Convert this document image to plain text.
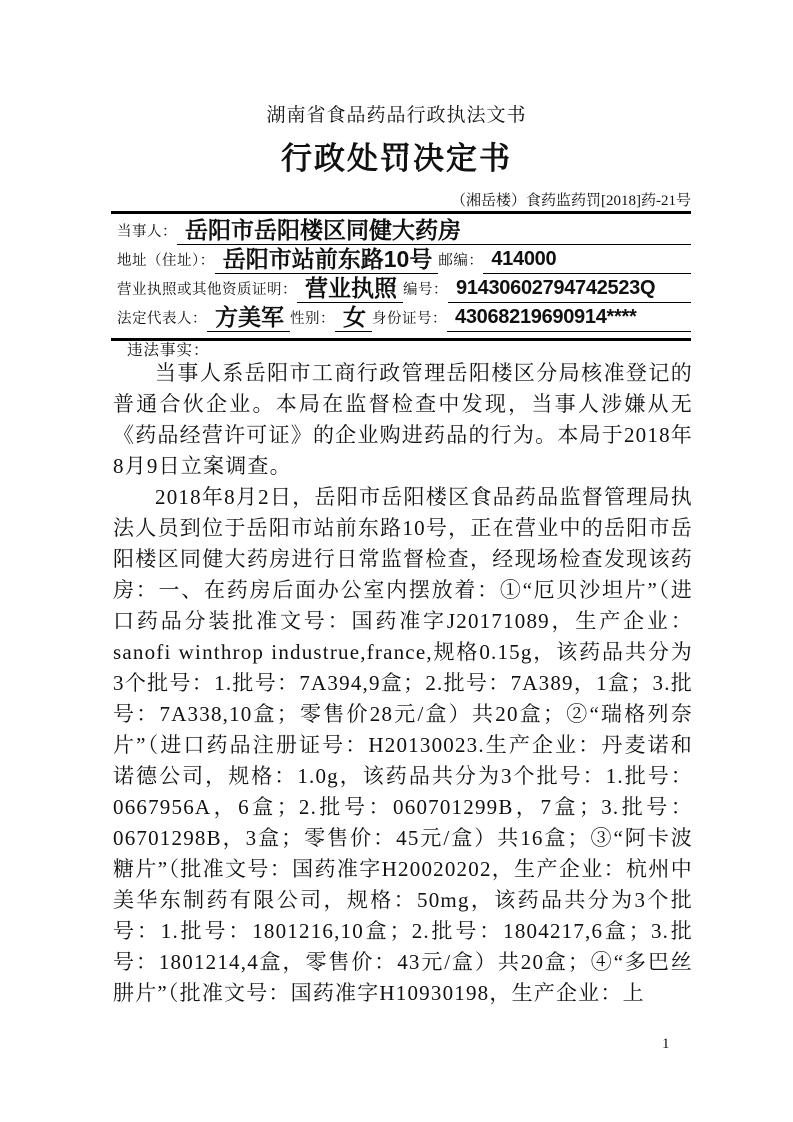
湖南省食品药品行政执法文书
行政处罚决定书
（湘岳楼）食药监药罚[2018]药-21号
当事人： 岳阳市岳阳楼区同健大药房
地址（住址）： 岳阳市站前东路10号 邮编： 414000
营业执照或其他资质证明： 营业执照 编号： 91430602794742523Q
法定代表人： 方美军 性别： 女 身份证号： 43068219690914****
违法事实：

当事人系岳阳市工商行政管理岳阳楼区分局核准登记的普通合伙企业。本局在监督检查中发现，当事人涉嫌从无《药品经营许可证》的企业购进药品的行为。本局于2018年8月9日立案调查。

2018年8月2日，岳阳市岳阳楼区食品药品监督管理局执法人员到位于岳阳市站前东路10号，正在营业中的岳阳市岳阳楼区同健大药房进行日常监督检查，经现场检查发现该药房：一、在药房后面办公室内摆放着：①“厄贝沙坦片”（进口药品分装批准文号：国药准字J20171089，生产企业：sanofi winthrop industrue,france,规格0.15g，该药品共分为3个批号：1.批号：7A394,9盒；2.批号：7A389，1盒；3.批号：7A338,10盒；零售价28元/盒）共20盒；②“瑞格列奈片”（进口药品注册证号：H20130023.生产企业：丹麦诺和诺德公司，规格：1.0g，该药品共分为3个批号：1.批号：0667956A，6盒；2.批号：060701299B，7盒；3.批号：06701298B，3盒；零售价：45元/盒）共16盒；③“阿卡波糖片”（批准文号：国药准字H20020202，生产企业：杭州中美华东制药有限公司，规格：50mg，该药品共分为3个批号：1.批号：1801216,10盒；2.批号：1804217,6盒；3.批号：1801214,4盒，零售价：43元/盒）共20盒；④“多巴丝肼片”（批准文号：国药准字H10930198，生产企业：上

1
